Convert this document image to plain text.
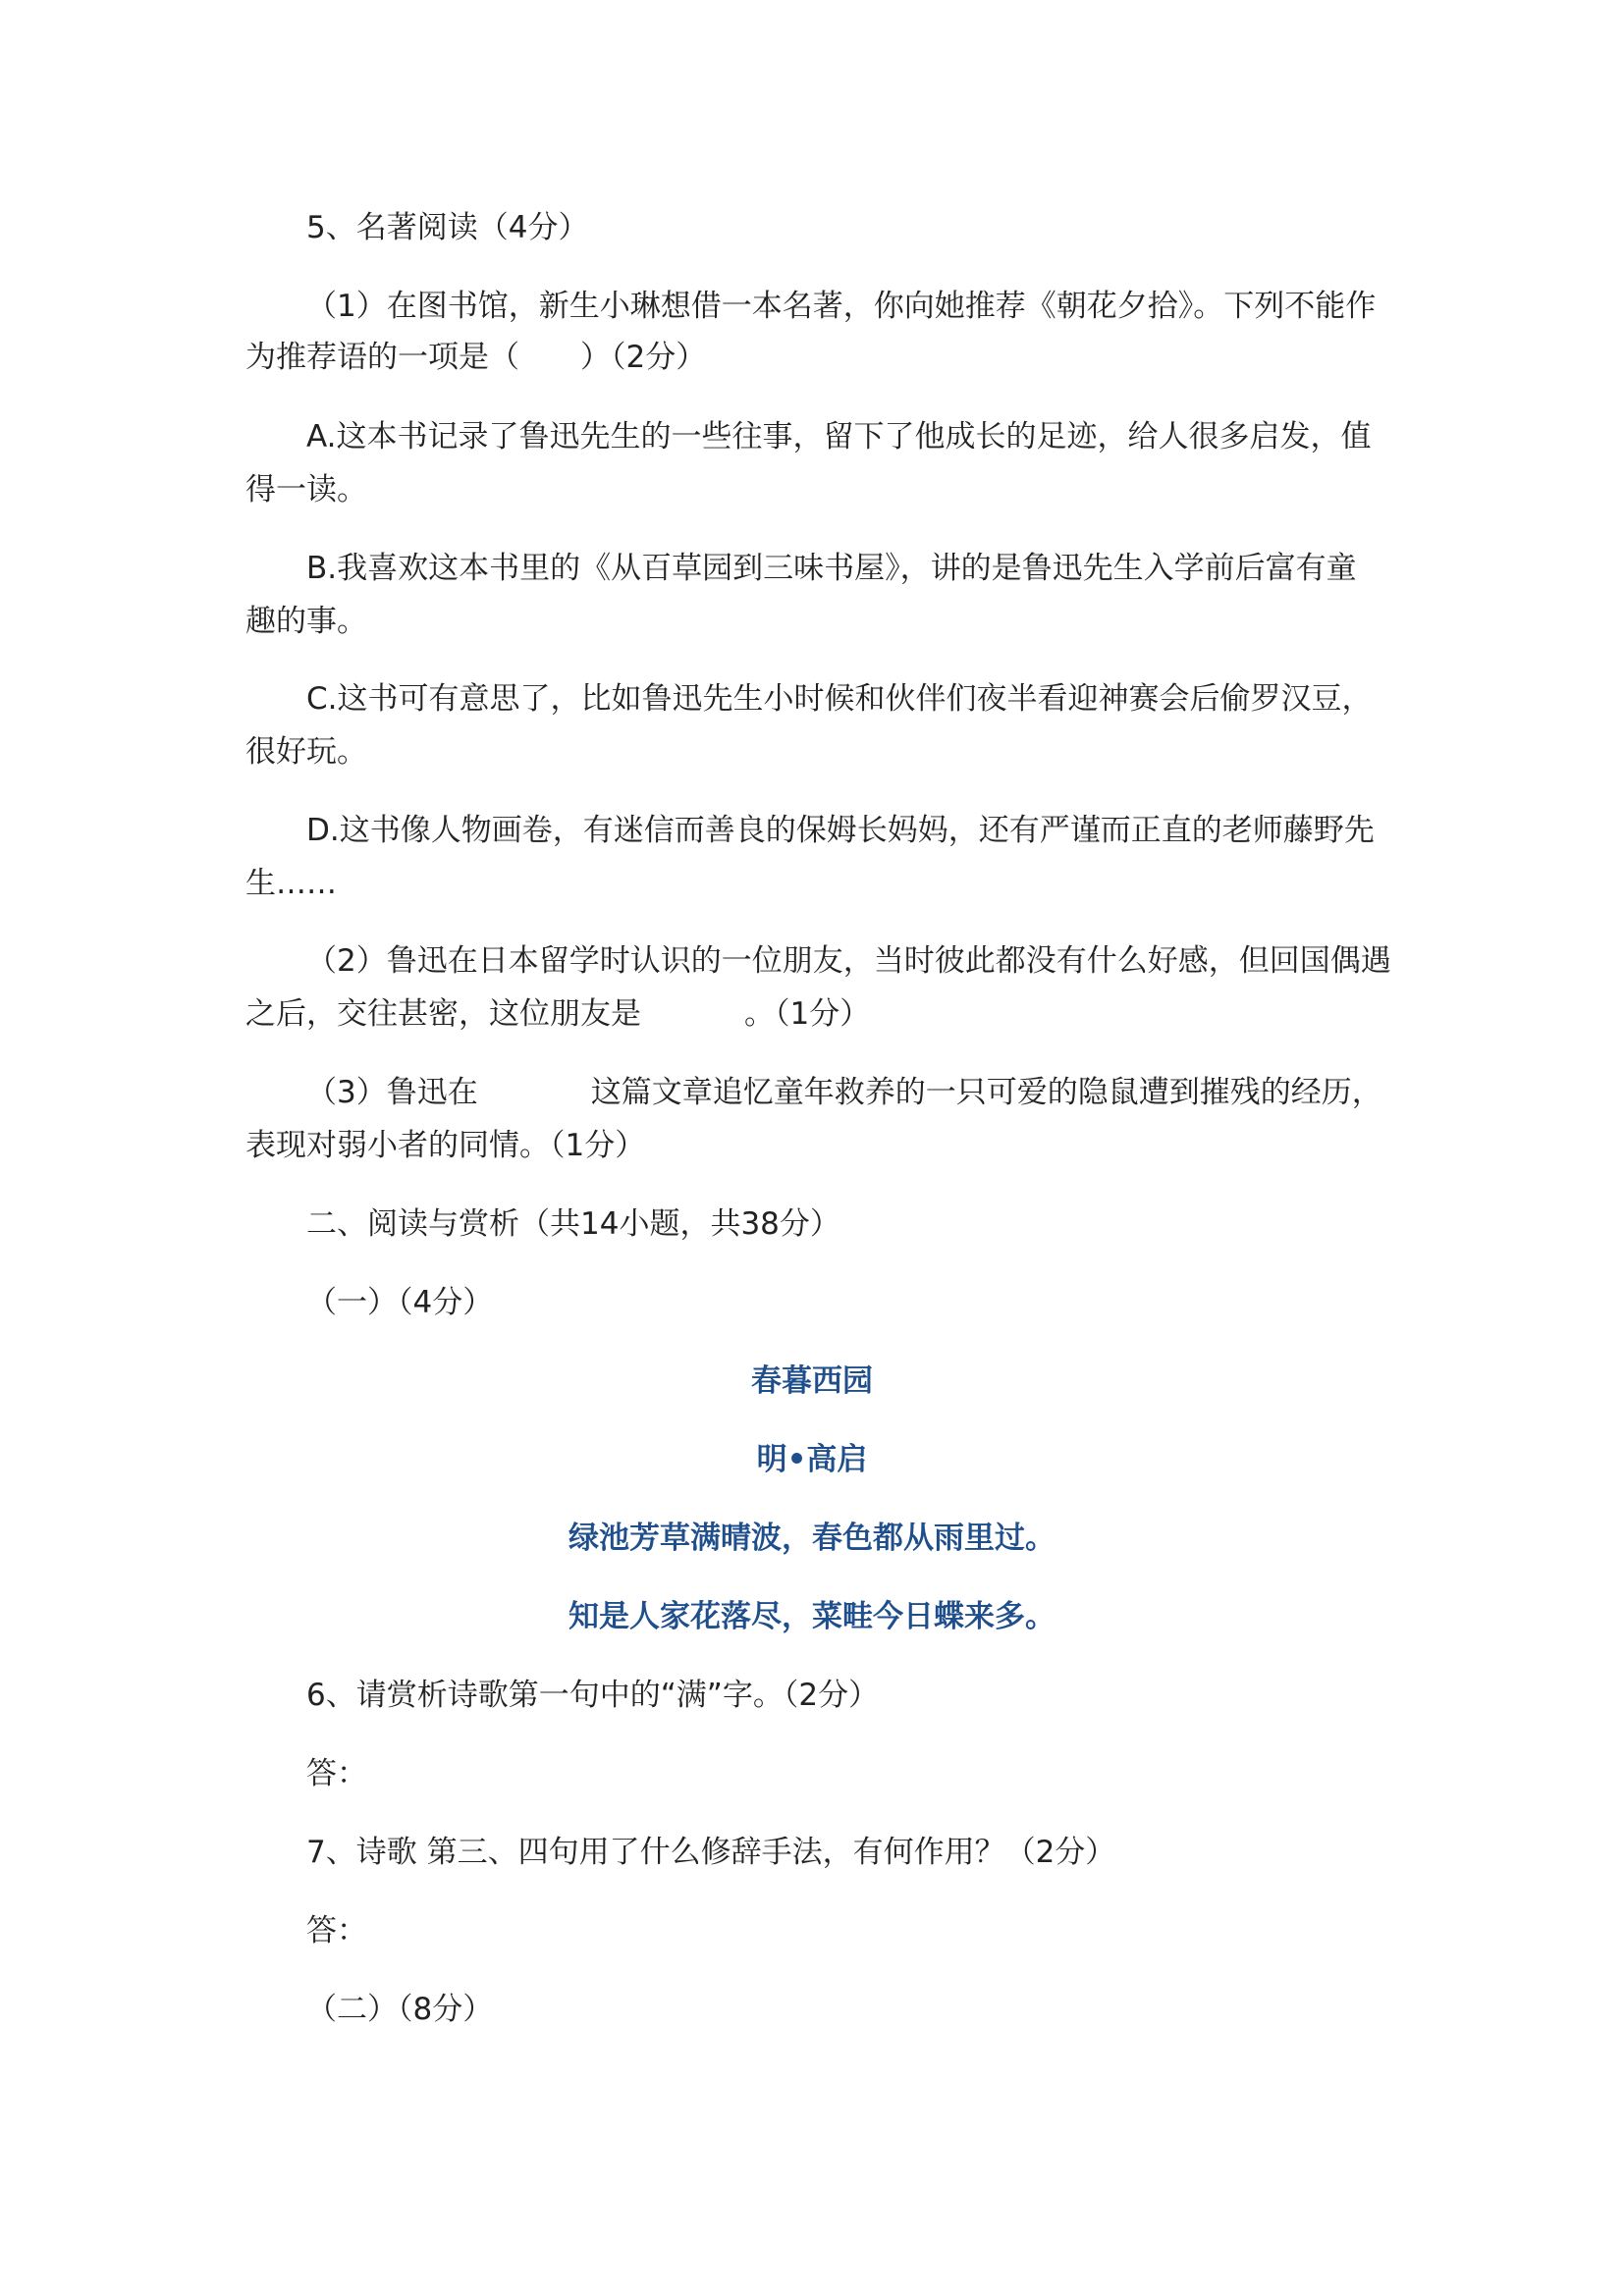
5、名著阅读（4分）
（1）在图书馆，新生小琳想借一本名著，你向她推荐《朝花夕拾》。下列不能作
为推荐语的一项是（　　）（2分）
A.这本书记录了鲁迅先生的一些往事，留下了他成长的足迹，给人很多启发，值
得一读。
B.我喜欢这本书里的《从百草园到三味书屋》，讲的是鲁迅先生入学前后富有童
趣的事。
C.这书可有意思了，比如鲁迅先生小时候和伙伴们夜半看迎神赛会后偷罗汉豆，
很好玩。
D.这书像人物画卷，有迷信而善良的保姆长妈妈，还有严谨而正直的老师藤野先
生……
（2）鲁迅在日本留学时认识的一位朋友，当时彼此都没有什么好感，但回国偶遇
之后，交往甚密，这位朋友是	。（1分）
（3）鲁迅在	这篇文章追忆童年救养的一只可爱的隐鼠遭到摧残的经历，
表现对弱小者的同情。（1分）
二、阅读与赏析（共14小题，共38分）
（一）（4分）
春暮西园
明•高启
绿池芳草满晴波，春色都从雨里过。
知是人家花落尽，菜畦今日蝶来多。
6、请赏析诗歌第一句中的“满”字。（2分）
答：
7、诗歌 第三、四句用了什么修辞手法，有何作用？（2分）
答：
（二）（8分）
